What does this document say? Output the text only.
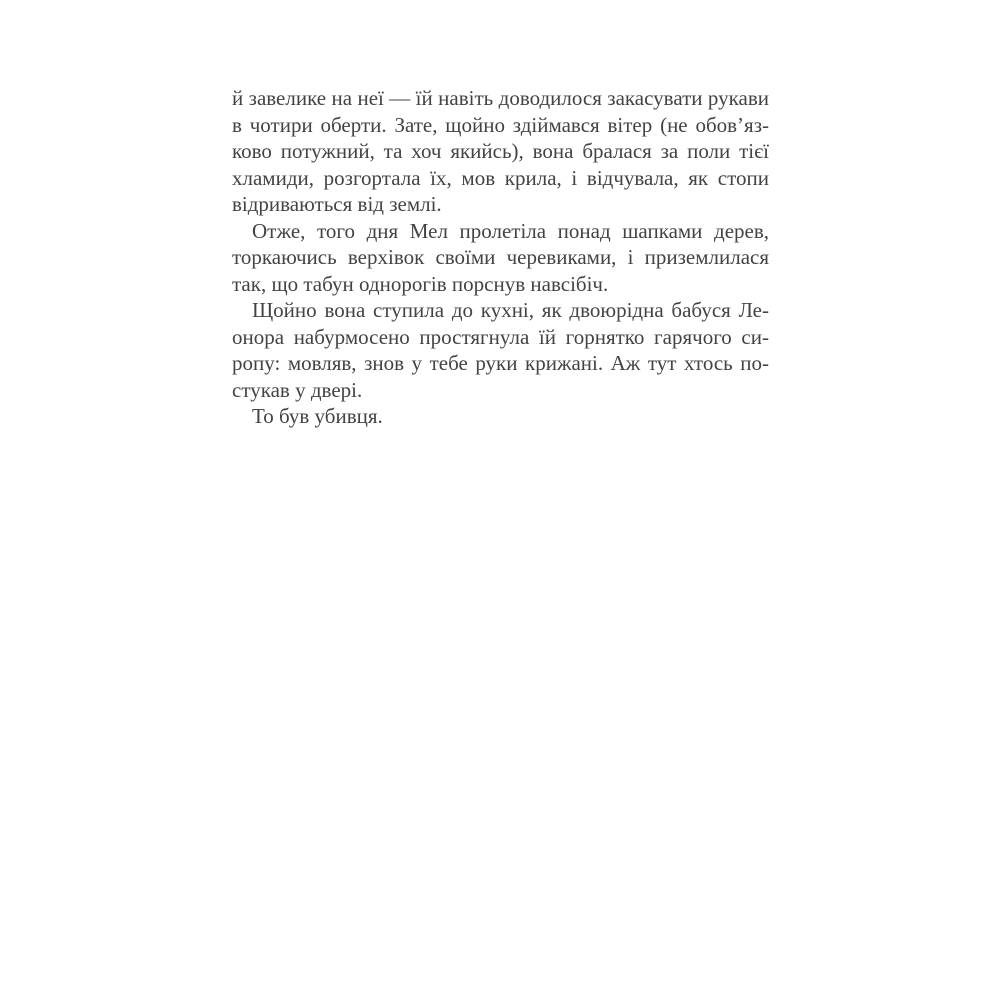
й завелике на неї — їй навіть доводилося закасувати рукави
в чотири оберти. Зате, щойно здіймався вітер (не обов’яз-
ково потужний, та хоч якийсь), вона бралася за поли тієї
хламиди, розгортала їх, мов крила, і відчувала, як стопи
відриваються від землі.
Отже, того дня Мел пролетіла понад шапками дерев,
торкаючись верхівок своїми черевиками, і приземлилася
так, що табун однорогів порснув навсібіч.
Щойно вона ступила до кухні, як двоюрідна бабуся Ле-
онора набурмосено простягнула їй горнятко гарячого си-
ропу: мовляв, знов у тебе руки крижані. Аж тут хтось по-
стукав у двері.
То був убивця.
